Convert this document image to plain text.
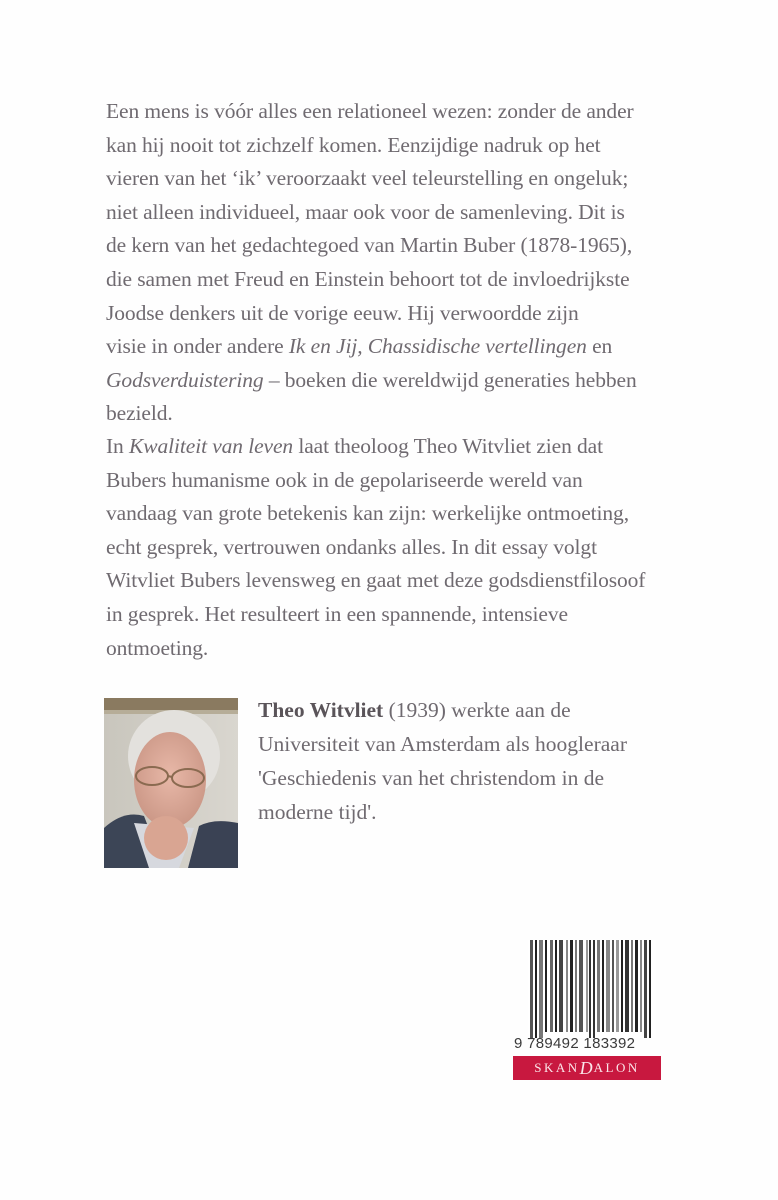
Een mens is vóór alles een relationeel wezen: zonder de ander
kan hij nooit tot zichzelf komen. Eenzijdige nadruk op het
vieren van het ‘ik’ veroorzaakt veel teleurstelling en ongeluk;
niet alleen individueel, maar ook voor de samenleving. Dit is
de kern van het gedachtegoed van Martin Buber (1878-1965),
die samen met Freud en Einstein behoort tot de invloedrijkste
Joodse denkers uit de vorige eeuw. Hij verwoordde zijn
visie in onder andere Ik en Jij, Chassidische vertellingen en
Godsverduistering – boeken die wereldwijd generaties hebben
bezield.

In Kwaliteit van leven laat theoloog Theo Witvliet zien dat
Bubers humanisme ook in de gepolariseerde wereld van
vandaag van grote betekenis kan zijn: werkelijke ontmoeting,
echt gesprek, vertrouwen ondanks alles. In dit essay volgt
Witvliet Bubers levensweg en gaat met deze godsdienstfilosoof
in gesprek. Het resulteert in een spannende, intensieve
ontmoeting.

Theo Witvliet (1939) werkte aan de
Universiteit van Amsterdam als hoogleraar
'Geschiedenis van het christendom in de
moderne tijd'.
9 789492 183392
SKAN D ALON
